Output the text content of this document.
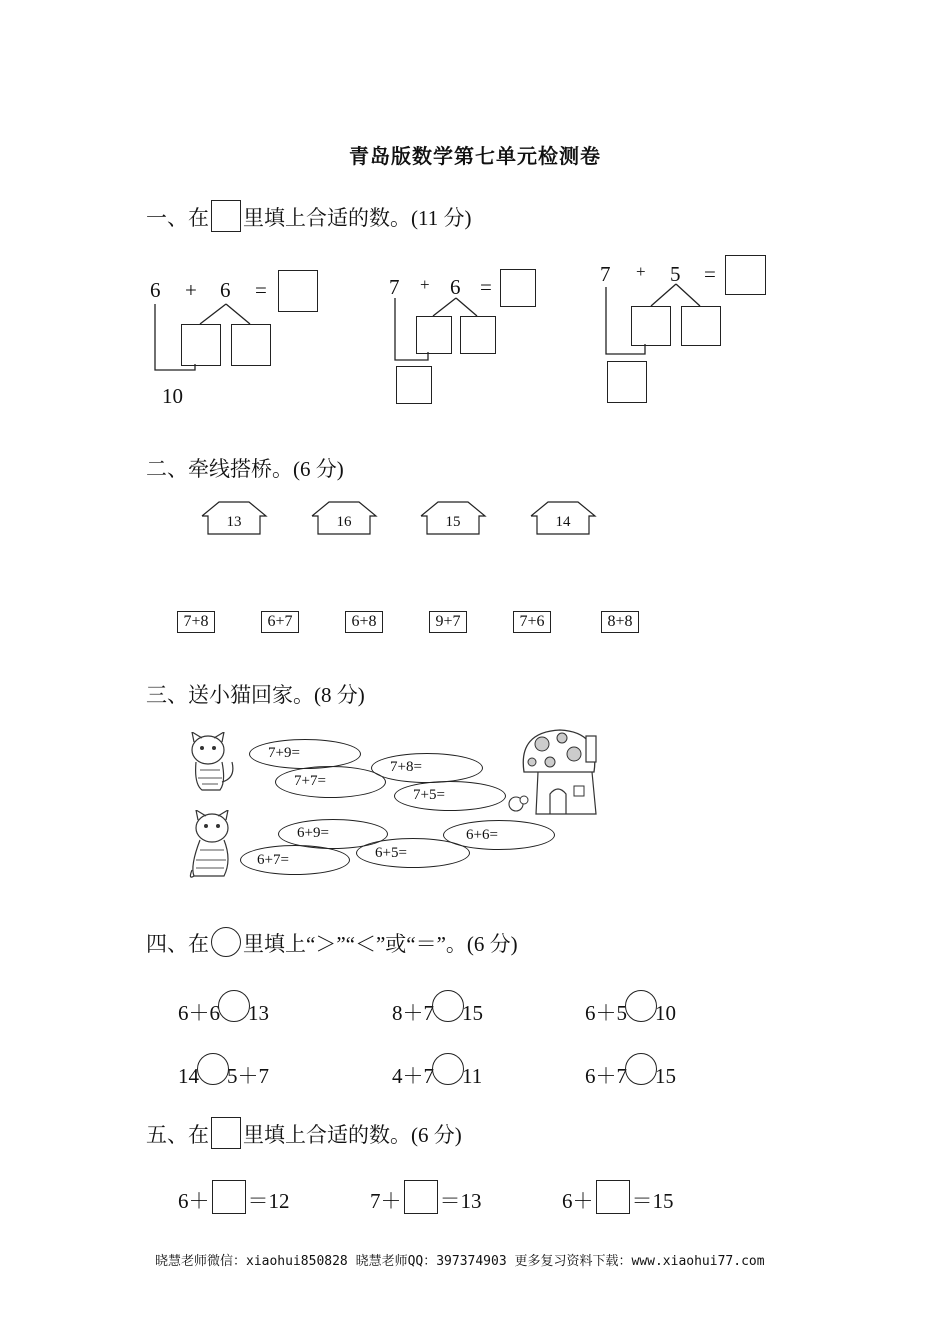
青岛版数学第七单元检测卷
一、在 里填上合适的数。(11 分)
6 + 6 =
10
7 + 6 =
7 + 5 =
二、牵线搭桥。(6 分)
13	16	15	14
7+8	6+7	6+8	9+7	7+6	8+8
三、送小猫回家。(8 分)
7+9=
7+7=
7+8=
7+5=
6+9=
6+7=	6+5=
6+6=
四、在 里填上“＞”“＜”或“＝”。(6 分)
6＋6 13	8＋7 15	6＋5 10
14 5＋7	4＋7 11	6＋7 15
五、在 里填上合适的数。(6 分)
6＋ ＝12	7＋ ＝13	6＋ ＝15
晓慧老师微信：xiaohui850828 晓慧老师QQ：397374903 更多复习资料下载：www.xiaohui77.com
